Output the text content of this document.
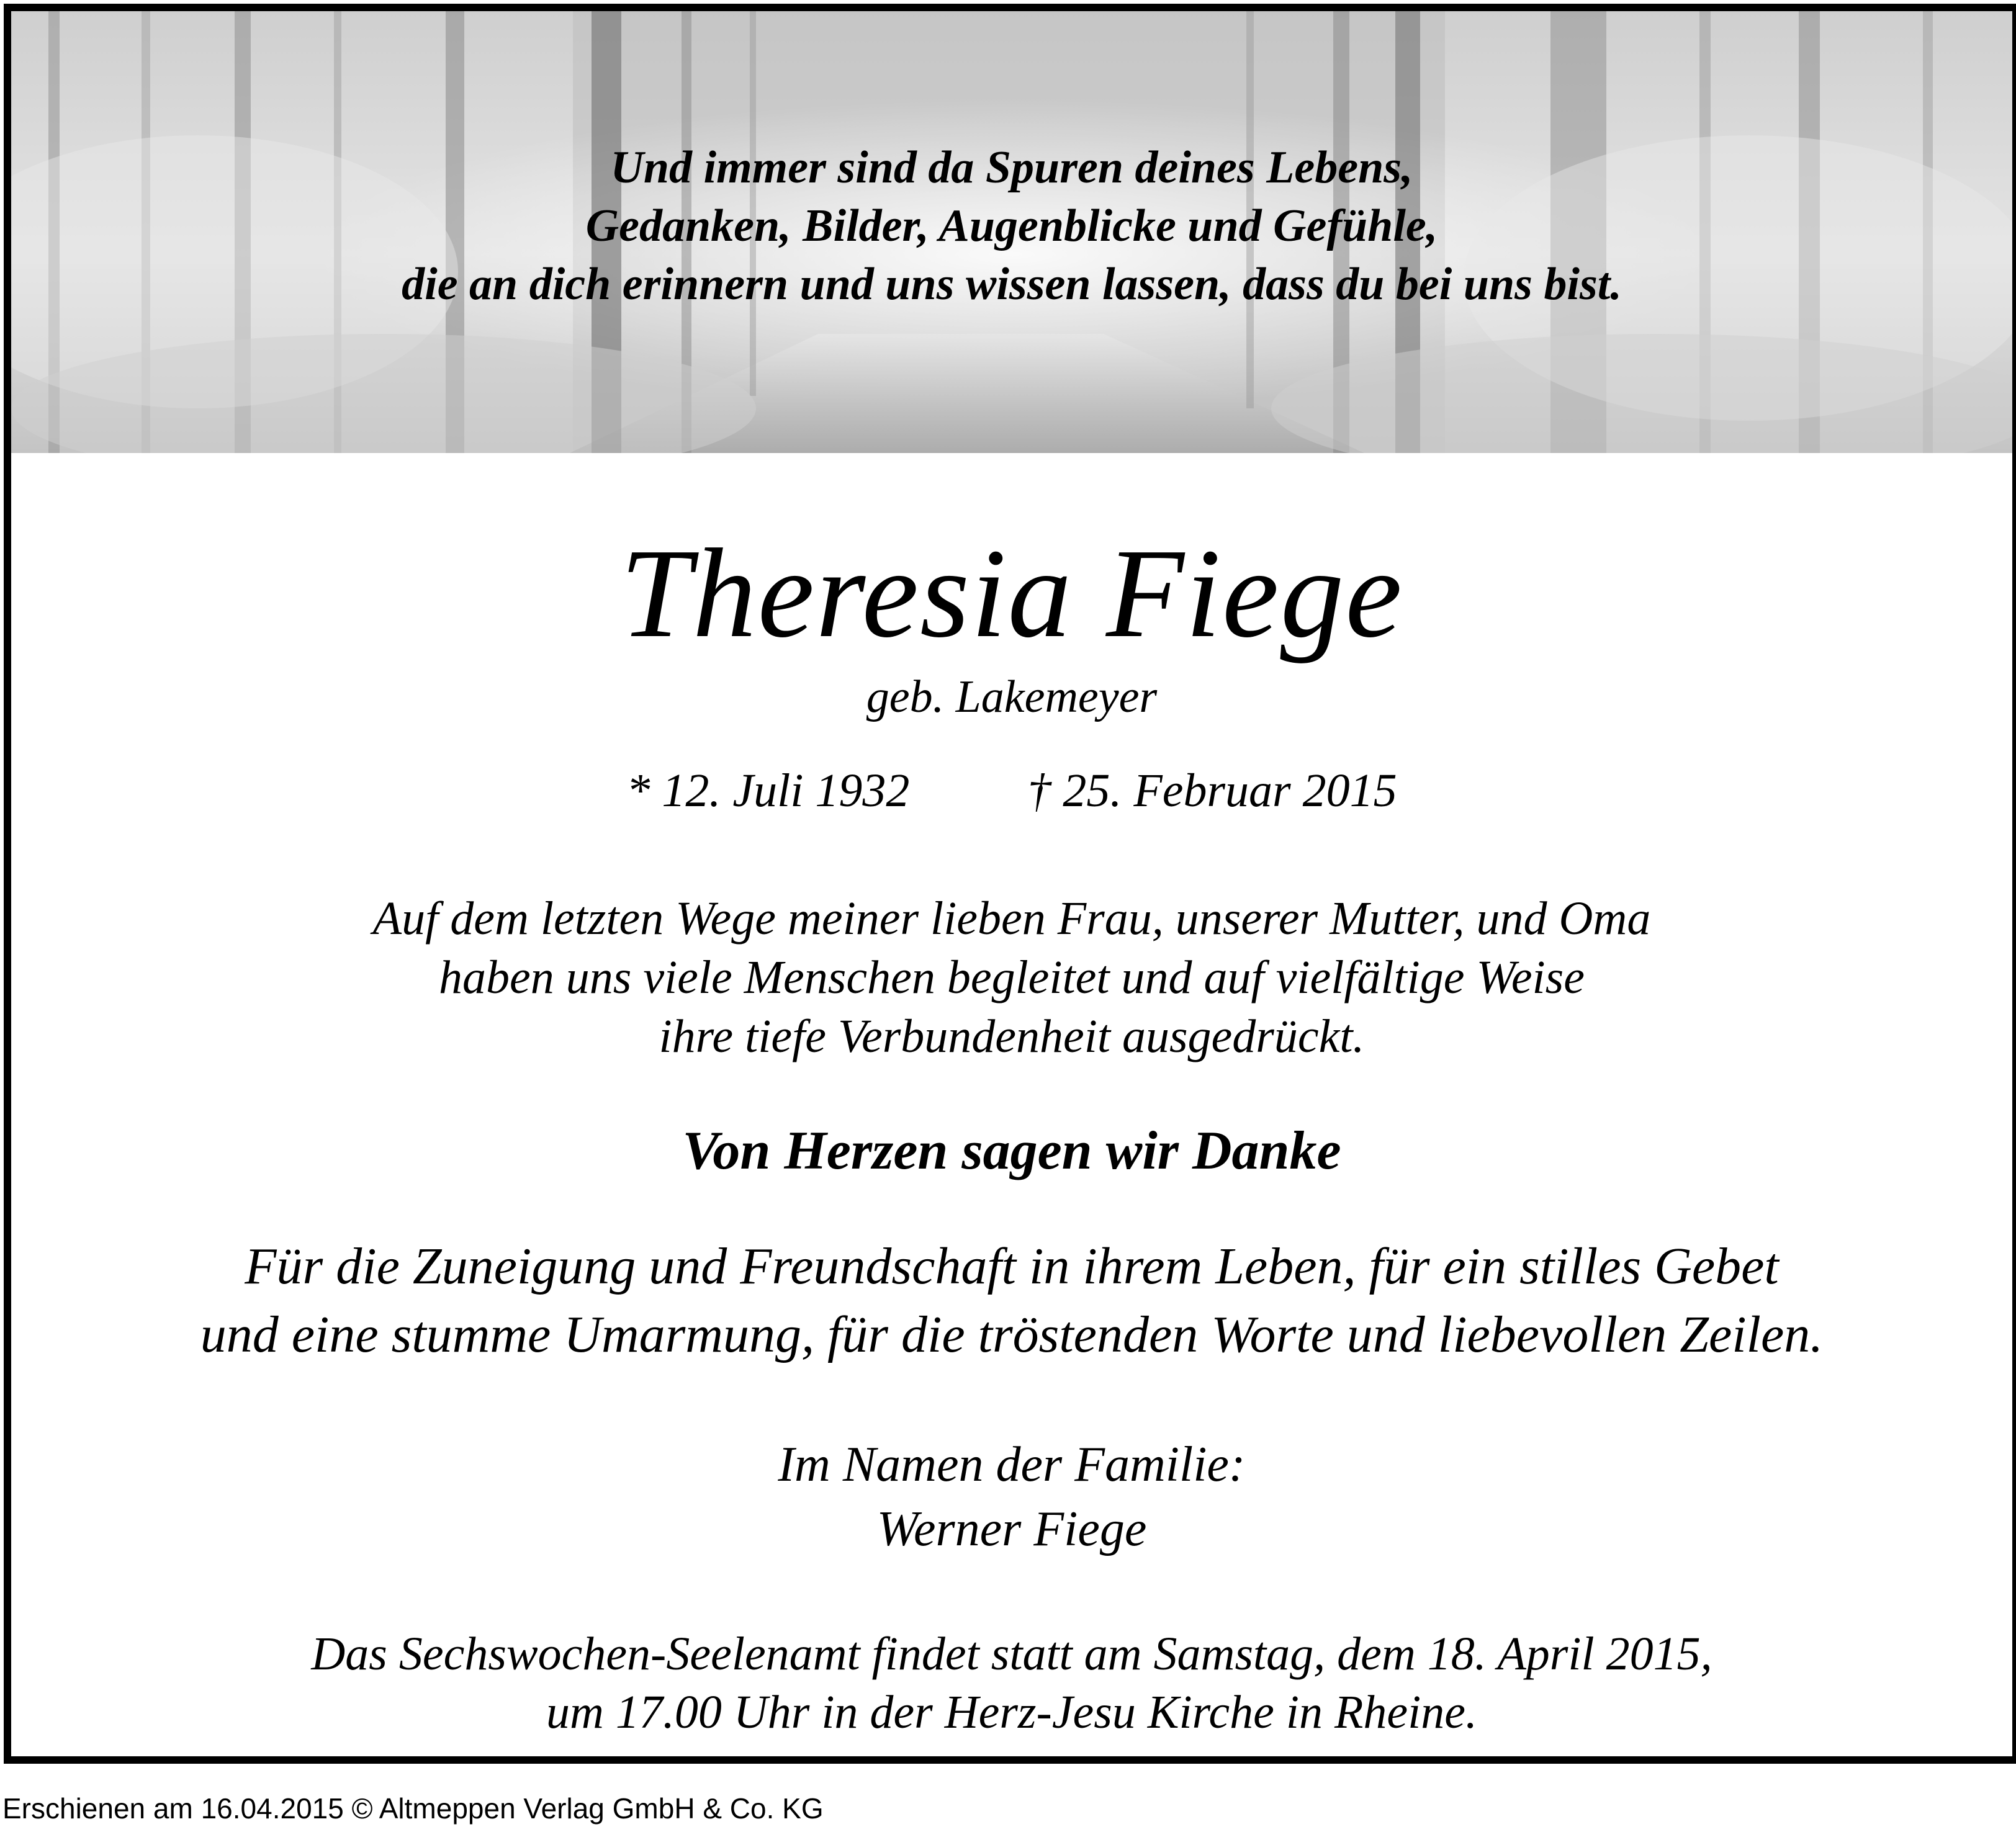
Und immer sind da Spuren deines Lebens,
Gedanken, Bilder, Augenblicke und Gefühle,
die an dich erinnern und uns wissen lassen, dass du bei uns bist.
Theresia Fiege
geb. Lakemeyer
* 12. Juli 1932	† 25. Februar 2015
Auf dem letzten Wege meiner lieben Frau, unserer Mutter, und Oma
haben uns viele Menschen begleitet und auf vielfältige Weise
ihre tiefe Verbundenheit ausgedrückt.
Von Herzen sagen wir Danke
Für die Zuneigung und Freundschaft in ihrem Leben, für ein stilles Gebet
und eine stumme Umarmung, für die tröstenden Worte und liebevollen Zeilen.
Im Namen der Familie:
Werner Fiege
Das Sechswochen-Seelenamt findet statt am Samstag, dem 18. April 2015,
um 17.00 Uhr in der Herz-Jesu Kirche in Rheine.
Erschienen am 16.04.2015 © Altmeppen Verlag GmbH & Co. KG
